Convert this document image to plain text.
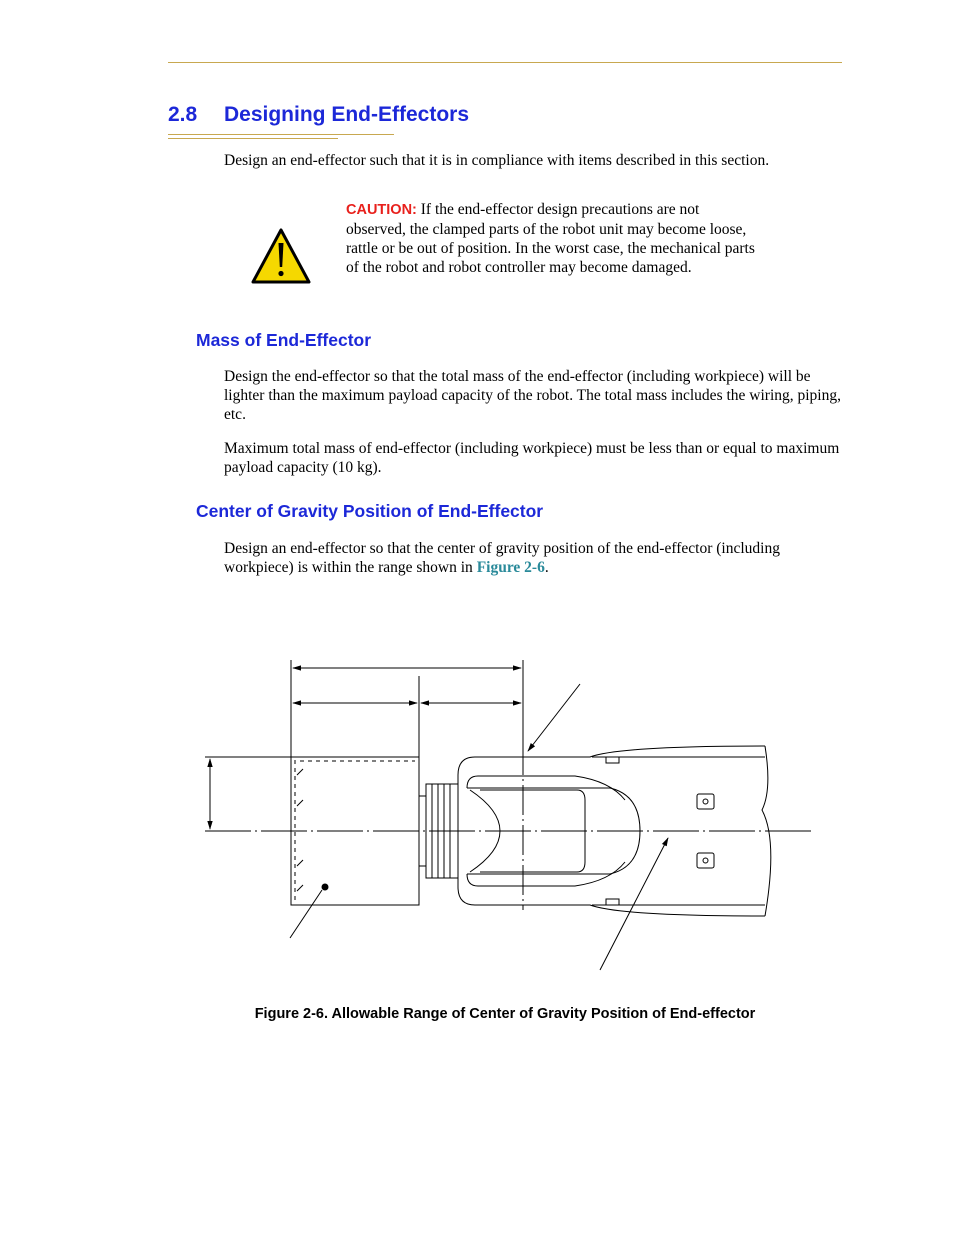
2.8 Designing End-Effectors

Design an end-effector such that it is in compliance with items described in this section.

CAUTION: If the end-effector design precautions are not observed, the clamped parts of the robot unit may become loose, rattle or be out of position. In the worst case, the mechanical parts of the robot and robot controller may become damaged.

Mass of End-Effector

Design the end-effector so that the total mass of the end-effector (including workpiece) will be lighter than the maximum payload capacity of the robot. The total mass includes the wiring, piping, etc.

Maximum total mass of end-effector (including workpiece) must be less than or equal to maximum payload capacity (10 kg).

Center of Gravity Position of End-Effector

Design an end-effector so that the center of gravity position of the end-effector (including workpiece) is within the range shown in Figure 2-6.

Figure 2-6. Allowable Range of Center of Gravity Position of End-effector
